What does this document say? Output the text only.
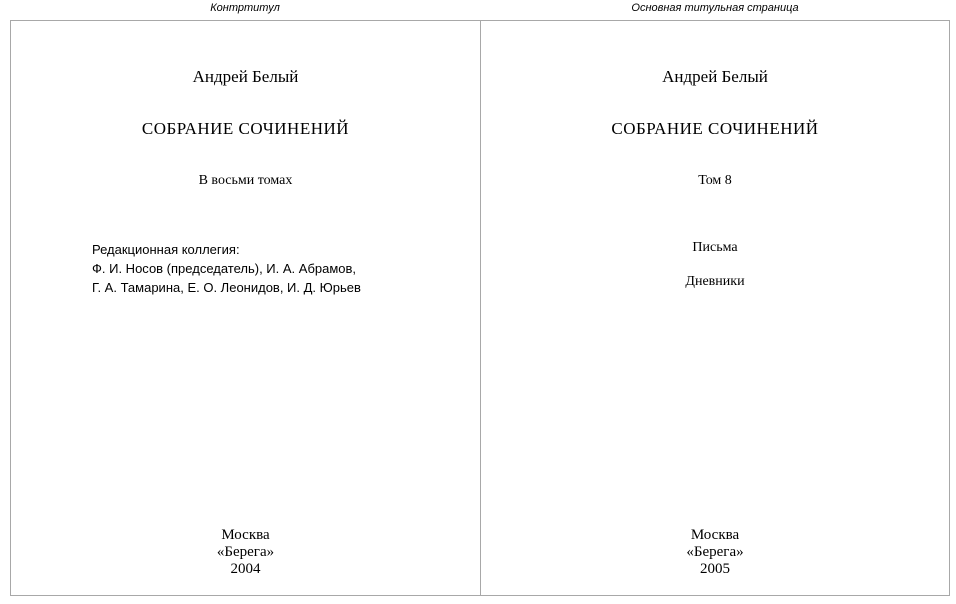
Контртитул	Основная титульная страница
Андрей Белый
СОБРАНИЕ СОЧИНЕНИЙ
В восьми томах
Редакционная коллегия:
Ф. И. Носов (председатель), И. А. Абрамов,
Г. А. Тамарина, Е. О. Леонидов, И. Д. Юрьев
Москва
«Берега»
2004
Андрей Белый
СОБРАНИЕ СОЧИНЕНИЙ
Том 8
Письма
Дневники
Москва
«Берега»
2005
